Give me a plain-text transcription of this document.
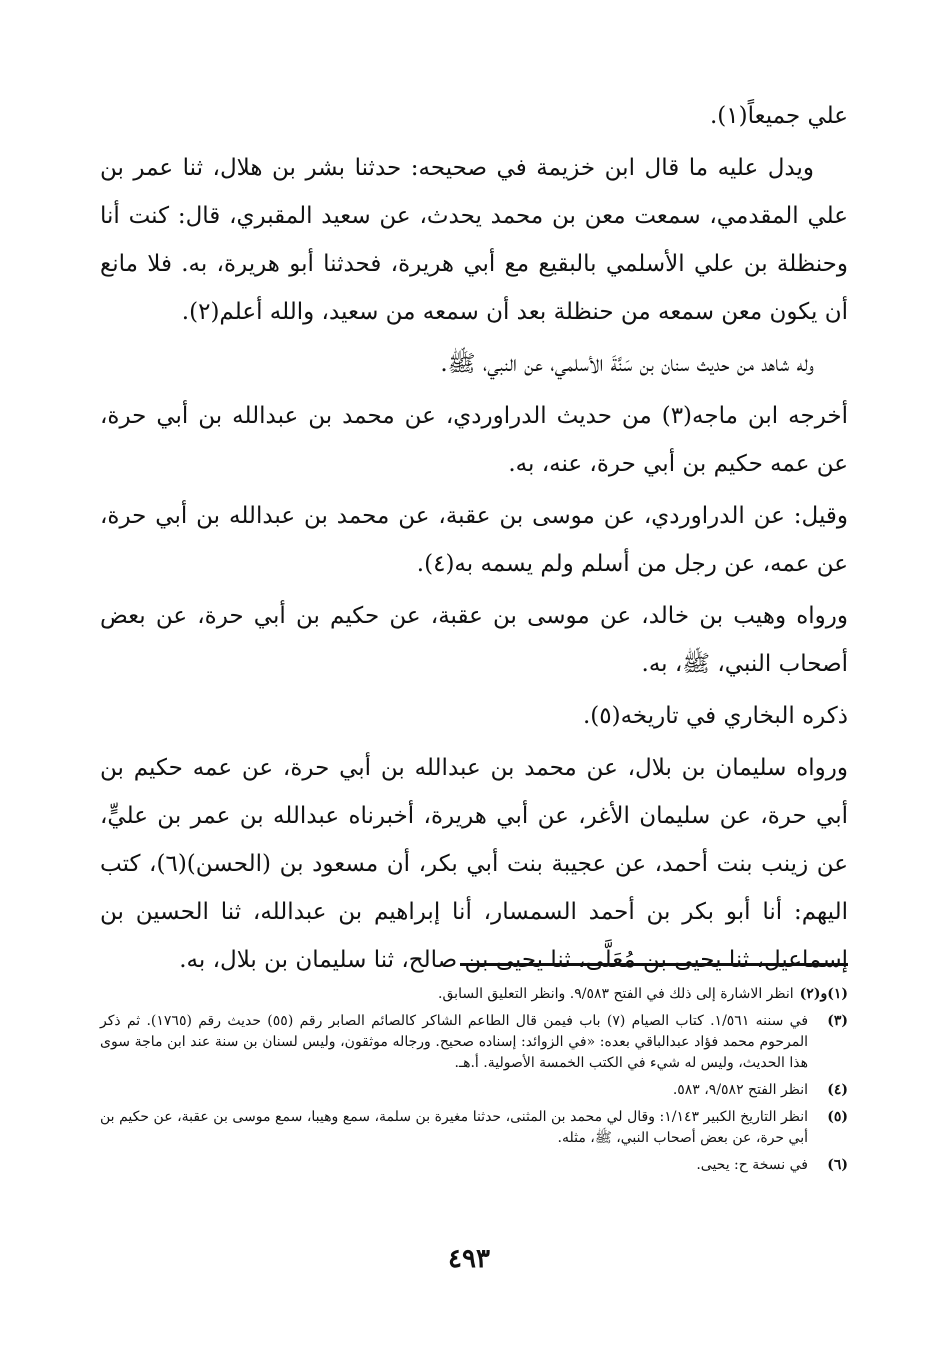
علي جميعاً(١).

ويدل عليه ما قال ابن خزيمة في صحيحه: حدثنا بشر بن هلال، ثنا عمر بن علي المقدمي، سمعت معن بن محمد يحدث، عن سعيد المقبري، قال: كنت أنا وحنظلة بن علي الأسلمي بالبقيع مع أبي هريرة، فحدثنا أبو هريرة، به. فلا مانع أن يكون معن سمعه من حنظلة بعد أن سمعه من سعيد، والله أعلم(٢).

وله شاهد من حديث سنان بن سَنَّةَ الأسلمي، عن النبي، ﷺ.

أخرجه ابن ماجه(٣) من حديث الدراوردي، عن محمد بن عبدالله بن أبي حرة، عن عمه حكيم بن أبي حرة، عنه، به.

وقيل: عن الدراوردي، عن موسى بن عقبة، عن محمد بن عبدالله بن أبي حرة، عن عمه، عن رجل من أسلم ولم يسمه به(٤).

ورواه وهيب بن خالد، عن موسى بن عقبة، عن حكيم بن أبي حرة، عن بعض أصحاب النبي، ﷺ، به.

ذكره البخاري في تاريخه(٥).

ورواه سليمان بن بلال، عن محمد بن عبدالله بن أبي حرة، عن عمه حكيم بن أبي حرة، عن سليمان الأغر، عن أبي هريرة، أخبرناه عبدالله بن عمر بن عليٍّ، عن زينب بنت أحمد، عن عجيبة بنت أبي بكر، أن مسعود بن (الحسن)(٦)، كتب اليهم: أنا أبو بكر بن أحمد السمسار، أنا إبراهيم بن عبدالله، ثنا الحسين بن إسماعيل، ثنا يحيى بن مُعَلَّى، ثنا يحيى بن صالح، ثنا سليمان بن بلال، به.

(١)و(٢)
انظر الاشارة إلى ذلك في الفتح ٩/٥٨٣. وانظر التعليق السابق.
(٣)
في سننه ١/٥٦١. كتاب الصيام (٧) باب فيمن قال الطاعم الشاكر كالصائم الصابر رقم (٥٥) حديث رقم (١٧٦٥). ثم ذكر المرحوم محمد فؤاد عبدالباقي بعده: «في الزوائد: إسناده صحيح. ورجاله موثقون، وليس لسنان بن سنة عند ابن ماجة سوى هذا الحديث، وليس له شيء في الكتب الخمسة الأصولية. أ.هـ.
(٤)
انظر الفتح ٩/٥٨٢، ٥٨٣.
(٥)
انظر التاريخ الكبير ١/١٤٣: وقال لي محمد بن المثنى، حدثنا مغيرة بن سلمة، سمع وهيبا، سمع موسى بن عقبة، عن حكيم بن أبي حرة، عن بعض أصحاب النبي، ﷺ، مثله.
(٦)
في نسخة ح: يحيى.
٤٩٣
